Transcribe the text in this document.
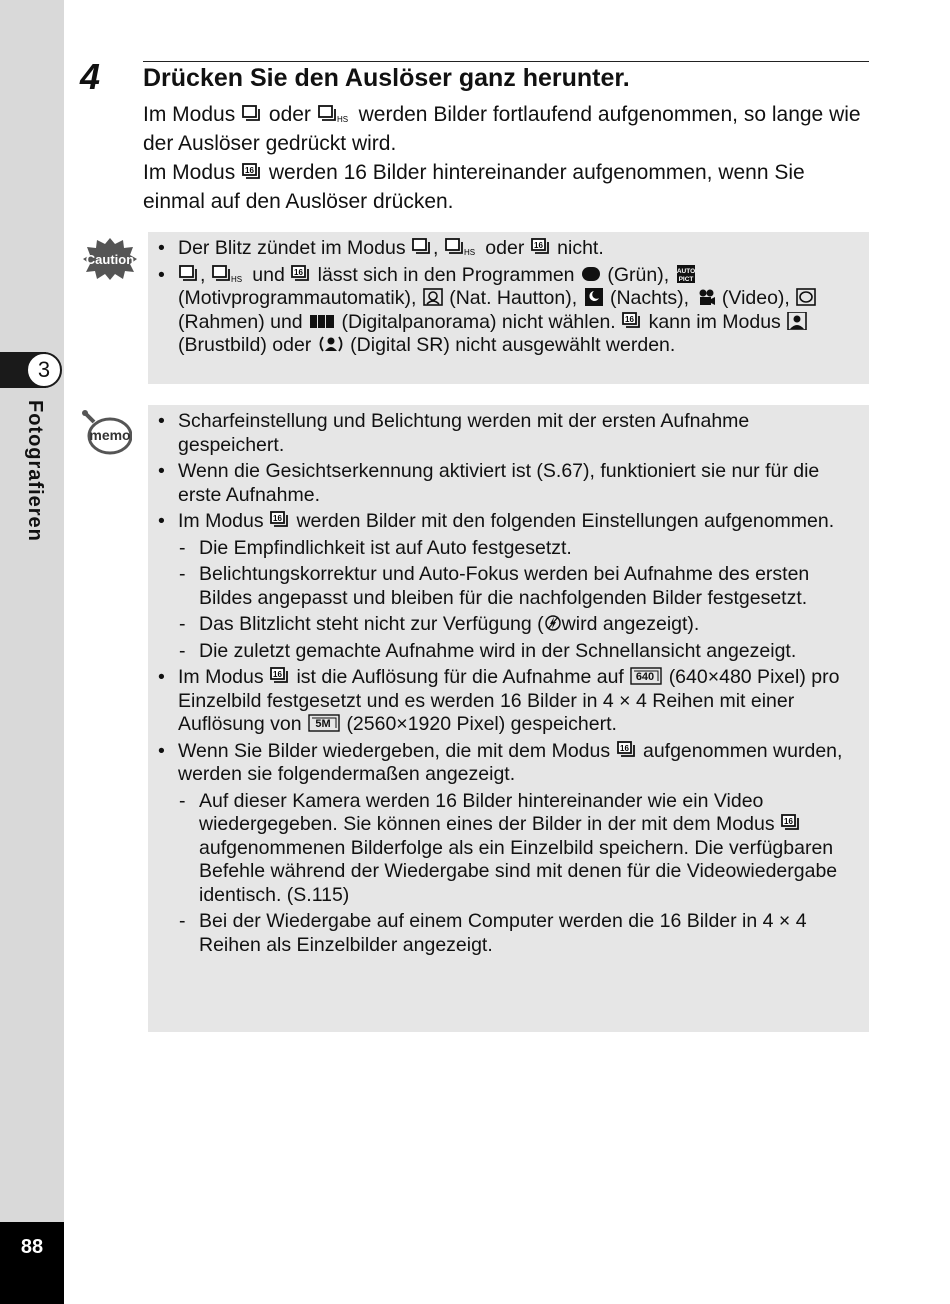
3
Fotografieren
88
4 Drücken Sie den Auslöser ganz herunter.

Im Modus oder werden Bilder fortlaufend aufgenommen, so lange wie der Auslöser gedrückt wird.

Im Modus werden 16 Bilder hintereinander aufgenommen, wenn Sie einmal auf den Auslöser drücken.

Caution
• Der Blitz zündet im Modus , oder nicht.
• , und lässt sich in den Programmen (Grün), AUTO
PICT
(Motivprogrammautomatik), (Nat. Hautton), (Nachts), (Video),  (Rahmen) und (Digitalpanorama) nicht wählen. kann im Modus  (Brustbild) oder (Digital SR) nicht ausgewählt werden.
memo
• Scharfeinstellung und Belichtung werden mit der ersten Aufnahme gespeichert.
• Wenn die Gesichtserkennung aktiviert ist (S.67), funktioniert sie nur für die erste Aufnahme.
• Im Modus werden Bilder mit den folgenden Einstellungen aufgenommen.
- Die Empfindlichkeit ist auf Auto festgesetzt.
- Belichtungskorrektur und Auto-Fokus werden bei Aufnahme des ersten Bildes angepasst und bleiben für die nachfolgenden Bilder festgesetzt.
- Das Blitzlicht steht nicht zur Verfügung ( wird angezeigt).
- Die zuletzt gemachte Aufnahme wird in der Schnellansicht angezeigt.
• Im Modus ist die Auflösung für die Aufnahme auf 640 (640×480 Pixel) pro Einzelbild festgesetzt und es werden 16 Bilder in 4 × 4 Reihen mit einer Auflösung von 5M (2560×1920 Pixel) gespeichert.
• Wenn Sie Bilder wiedergeben, die mit dem Modus aufgenommen wurden, werden sie folgendermaßen angezeigt.
- Auf dieser Kamera werden 16 Bilder hintereinander wie ein Video wiedergegeben. Sie können eines der Bilder in der mit dem Modus  aufgenommenen Bilderfolge als ein Einzelbild speichern. Die verfügbaren Befehle während der Wiedergabe sind mit denen für die Videowiedergabe identisch. (S.115)
- Bei der Wiedergabe auf einem Computer werden die 16 Bilder in 4 × 4 Reihen als Einzelbilder angezeigt.
